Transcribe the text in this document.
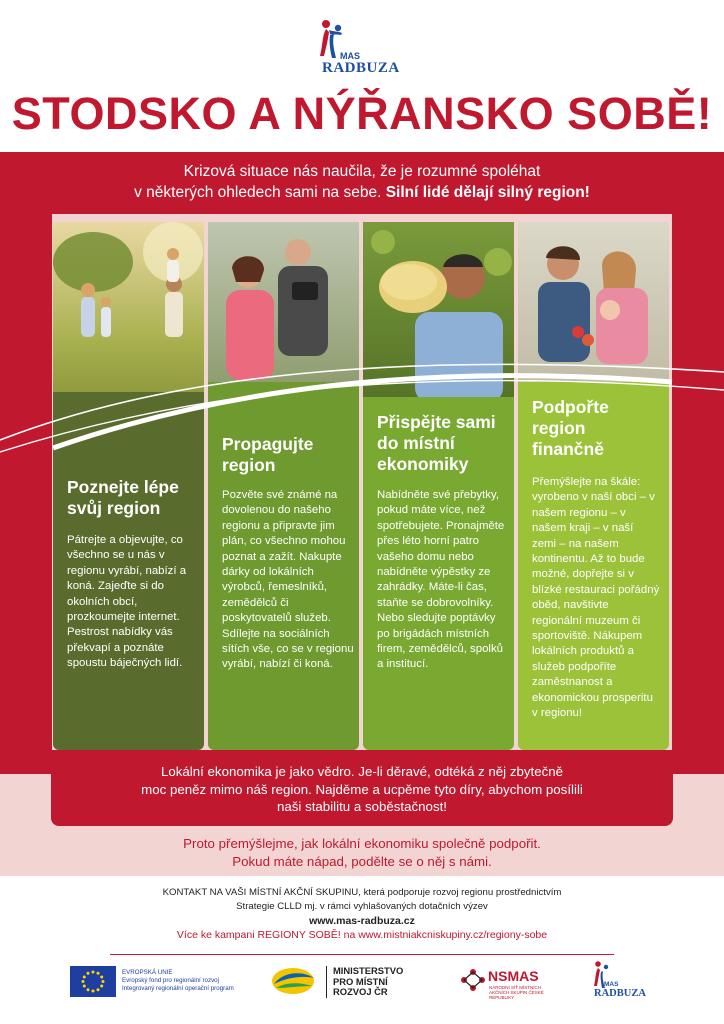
MAS
RADBUZA
STODSKO A NÝŘANSKO SOBĚ!
Krizová situace nás naučila, že je rozumné spoléhat
v některých ohledech sami na sebe. Silní lidé dělají silný region!
Poznejte lépe svůj region
Pátrejte a objevujte, co všechno se u nás v regionu vyrábí, nabízí a koná. Zajeďte si do okolních obcí, prozkoumejte internet. Pestrost nabídky vás překvapí a poznáte spoustu báječných lidí.
Propagujte region
Pozvěte své známé na dovolenou do našeho regionu a připravte jim plán, co všechno mohou poznat a zažít. Nakupte dárky od lokálních výrobců, řemeslníků, zemědělců či poskytovatelů služeb. Sdílejte na sociálních sítích vše, co se v regionu vyrábí, nabízí či koná.
Přispějte sami do místní ekonomiky
Nabídněte své přebytky, pokud máte více, než spotřebujete. Pronajměte přes léto horní patro vašeho domu nebo nabídněte výpěstky ze zahrádky. Máte-li čas, staňte se dobrovolníky. Nebo sledujte poptávky po brigádách místních firem, zemědělců, spolků a institucí.
Podpořte region finančně
Přemýšlejte na škále: vyrobeno v naší obci – v našem regionu – v našem kraji – v naší zemi – na našem kontinentu. Až to bude možné, dopřejte si v blízké restauraci pořádný oběd, navštivte regionální muzeum či sportoviště. Nákupem lokálních produktů a služeb podpoříte zaměstnanost a ekonomickou prosperitu v regionu!
Lokální ekonomika je jako vědro. Je-li děravé, odtéká z něj zbytečně
moc peněz mimo náš region. Najděme a ucpěme tyto díry, abychom posílili
naši stabilitu a soběstačnost!
Proto přemýšlejme, jak lokální ekonomiku společně podpořit.
Pokud máte nápad, podělte se o něj s námi.
KONTAKT NA VAŠI MÍSTNÍ AKČNÍ SKUPINU, která podporuje rozvoj regionu prostřednictvím
Strategie CLLD mj. v rámci vyhlašovaných dotačních výzev
www.mas-radbuza.cz
Více ke kampani REGIONY SOBĚ! na www.mistniakcniskupiny.cz/regiony-sobe
EVROPSKÁ UNIE
Evropský fond pro regionální rozvoj
Integrovaný regionální operační program
MINISTERSTVO
PRO MÍSTNÍ
ROZVOJ ČR
NSMAS
NÁRODNÍ SÍŤ MÍSTNÍCH AKČNÍCH SKUPIN ČESKÉ REPUBLIKY
MAS
RADBUZA
